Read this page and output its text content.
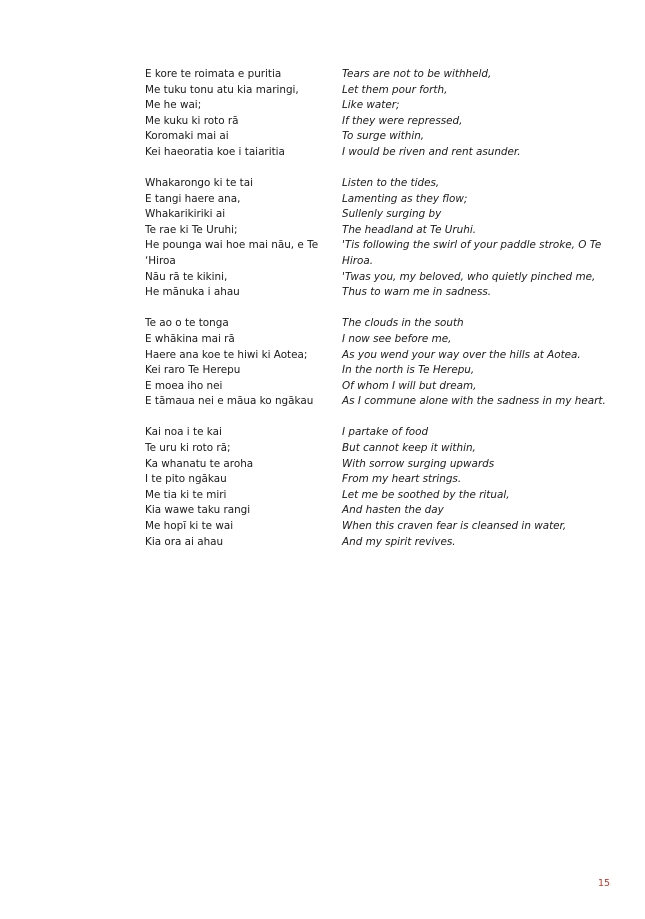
E kore te roimata e puritia	Tears are not to be withheld,
Me tuku tonu atu kia maringi,	Let them pour forth,
Me he wai;	Like water;
Me kuku ki roto rā	If they were repressed,
Koromaki mai ai	To surge within,
Kei haeoratia koe i taiaritia	I would be riven and rent asunder.
Whakarongo ki te tai	Listen to the tides,
E tangi haere ana,	Lamenting as they flow;
Whakarikiriki ai	Sullenly surging by
Te rae ki Te Uruhi;	The headland at Te Uruhi.
He pounga wai hoe mai nāu, e Te	'Tis following the swirl of your paddle stroke, O Te
‘Hiroa	Hiroa.
Nāu rā te kikini,	'Twas you, my beloved, who quietly pinched me,
He mānuka i ahau	Thus to warn me in sadness.
Te ao o te tonga	The clouds in the south
E whākina mai rā	I now see before me,
Haere ana koe te hiwi ki Aotea;	As you wend your way over the hills at Aotea.
Kei raro Te Herepu	In the north is Te Herepu,
E moea iho nei	Of whom I will but dream,
E tāmaua nei e māua ko ngākau	As I commune alone with the sadness in my heart.
Kai noa i te kai	I partake of food
Te uru ki roto rā;	But cannot keep it within,
Ka whanatu te aroha	With sorrow surging upwards
I te pito ngākau	From my heart strings.
Me tia ki te miri	Let me be soothed by the ritual,
Kia wawe taku rangi	And hasten the day
Me hopī ki te wai	When this craven fear is cleansed in water,
Kia ora ai ahau	And my spirit revives.
15
